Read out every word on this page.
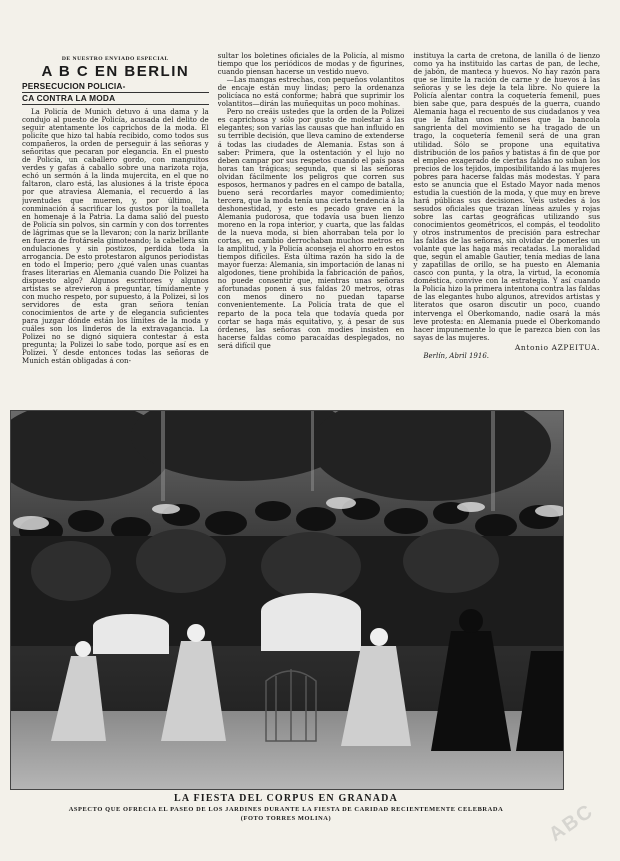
DE NUESTRO ENVIADO ESPECIAL
A B C EN BERLIN
PERSECUCION POLICIA-
CA CONTRA LA MODA

La Policía de Munich detuvo á una dama y la condujo al puesto de Policía, acusada del delito de seguir atentamente los caprichos de la moda. El policíte que hizo tal había recibido, como todos sus compañeros, la orden de perseguir á las señoras y señoritas que pecaran por elegancia. En el puesto de Policía, un caballero gordo, con manguitos verdes y gafas á caballo sobre una narizota roja, echó un sermón á la linda mujercita, en el que no faltaron, claro está, las alusiones á la triste época por que atraviesa Alemania, el recuerdo á las juventudes que mueren, y, por último, la conminación á sacrificar los gustos por la toalleta en homenaje á la Patria. La dama salió del puesto de Policía sin polvos, sin carmín y con dos torrentes de lágrimas que se la llevaron; con la nariz brillante en fuerza de frotársela gimoteando; la cabellera sin ondulaciones y sin postizos, perdida toda la arrogancia. De esto protestaron algunos periodistas en todo el Imperio; pero ¿qué valen unas cuantas frases literarias en Alemania cuando Die Polizei ha dispuesto algo? Algunos escritores y algunos artistas se atrevieron á preguntar, tímidamente y con mucho respeto, por supuesto, á la Polizei, si los servidores de esta gran señora tenían conocimientos de arte y de elegancia suficientes para juzgar dónde están los límites de la moda y cuáles son los linderos de la extravagancia. La Polizei no se dignó siquiera contestar á esta pregunta; la Polizei lo sabe todo, porque así es en Polizei. Y desde entonces todas las señoras de Munich están obligadas á con-

sultar los boletines oficiales de la Policía, al mismo tiempo que los periódicos de modas y de figurines, cuando piensan hacerse un vestido nuevo.

—Las mangas estrechas, con pequeños volantitos de encaje están muy lindas; pero la ordenanza policíaca no está conforme; habrá que suprimir los volantitos—dirán las muñequitas un poco mohínas.

Pero no creáis ustedes que la orden de la Polizei es caprichosa y sólo por gusto de molestar á las elegantes; son varias las causas que han influido en su terrible decisión, que lleva camino de extenderse á todas las ciudades de Alemania. Estas son á saber: Primera, que la ostentación y el lujo no deben campar por sus respetos cuando el país pasa horas tan trágicas; segunda, que si las señoras olvidan fácilmente los peligros que corren sus esposos, hermanos y padres en el campo de batalla, bueno será recordarles mayor comedimiento; tercera, que la moda tenía una cierta tendencia á la deshonestidad, y esto es pecado grave en la Alemania pudorosa, que todavía usa buen lienzo moreno en la ropa interior, y cuarta, que las faldas de la nueva moda, si bien ahorraban tela por lo cortas, en cambio derrochaban muchos metros en la amplitud, y la Policía aconseja el ahorro en estos tiempos difíciles. Esta última razón ha sido la de mayor fuerza: Alemania, sin importación de lanas ni algodones, tiene prohibida la fabricación de paños, no puede consentir que, mientras unas señoras afortunadas ponen á sus faldas 20 metros, otras con menos dinero no puedan taparse convenientemente. La Policía trata de que el reparto de la poca tela que todavía queda por cortar se haga más equitativo, y, á pesar de sus órdenes, las señoras con modies insisten en hacerse faldas como paracaídas desplegados, no será difícil que

instituya la carta de cretona, de lanilla ó de lienzo como ya ha instituido las cartas de pan, de leche, de jabón, de manteca y huevos. No hay razón para que se limite la ración de carne y de huevos á las señoras y se les deje la tela libre. No quiere la Policía alentar contra la coquetería femenil, pues bien sabe que, para después de la guerra, cuando Alemania haga el recuento de sus ciudadanos y vea que le faltan unos millones que la bancola sangrienta del movimiento se ha tragado de un trago, la coquetería femenil será de una gran utilidad. Sólo se propone una equitativa distribución de los paños y batistas á fin de que por el empleo exagerado de ciertas faldas no suban los precios de los tejidos, imposibilitando á las mujeres pobres para hacerse faldas más modestas. Y para esto se anuncia que el Estado Mayor nada menos estudia la cuestión de la moda, y que muy en breve hará públicas sus decisiones. Veis ustedes á los sesudos oficiales que trazan líneas azules y rojas sobre las cartas geográficas utilizando sus conocimientos geométricos, el compás, el teodolito y otros instrumentos de precisión para estrechar las faldas de las señoras, sin olvidar de ponerles un volante que las haga más recatadas. La moralidad que, según el amable Gautier, tenía medias de lana y zapatillas de orillo, se ha puesto en Alemania casco con punta, y la otra, la virtud, la economía doméstica, convive con la estrategia. Y así cuando la Policía hizo la primera intentona contra las faldas de las elegantes hubo algunos, atrevidos artistas y literatos que osaron discutir un poco, cuando intervenga el Oberkomando, nadie osará la más leve protesta: en Alemania puede el Oberkomando hacer impunemente lo que le parezca bien con las sayas de las mujeres.

Antonio AZPEITUA.
Berlín, Abril 1916.
LA FIESTA DEL CORPUS EN GRANADA
ASPECTO QUE OFRECIA EL PASEO DE LOS JARDINES DURANTE LA FIESTA DE CARIDAD RECIENTEMENTE CELEBRADA
(FOTO TORRES MOLINA)	ABC
